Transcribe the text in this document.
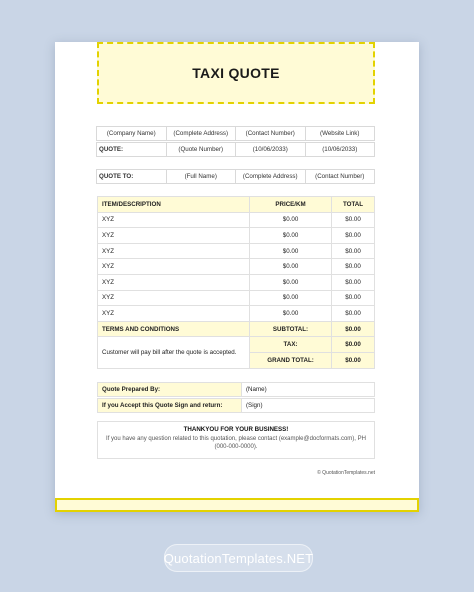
TAXI QUOTE
(Company Name)	(Complete Address)	(Contact Number)	(Website Link)
QUOTE:	(Quote Number)	(10/06/2033)	(10/06/2033)
QUOTE TO:	(Full Name)	(Complete Address)	(Contact Number)
ITEM/DESCRIPTION	PRICE/KM	TOTAL
XYZ	$0.00	$0.00
XYZ	$0.00	$0.00
XYZ	$0.00	$0.00
XYZ	$0.00	$0.00
XYZ	$0.00	$0.00
XYZ	$0.00	$0.00
XYZ	$0.00	$0.00
TERMS AND CONDITIONS	SUBTOTAL:	$0.00
Customer will pay bill after the quote is accepted.	TAX:	$0.00
	GRAND TOTAL:	$0.00
Quote Prepared By:	(Name)
If you Accept this Quote Sign and return:	(Sign)
THANKYOU FOR YOUR BUSINESS!
If you have any question related to this quotation, please contact (example@docformats.com), PH (000-000-0000).
© QuotationTemplates.net
QuotationTemplates.NET
